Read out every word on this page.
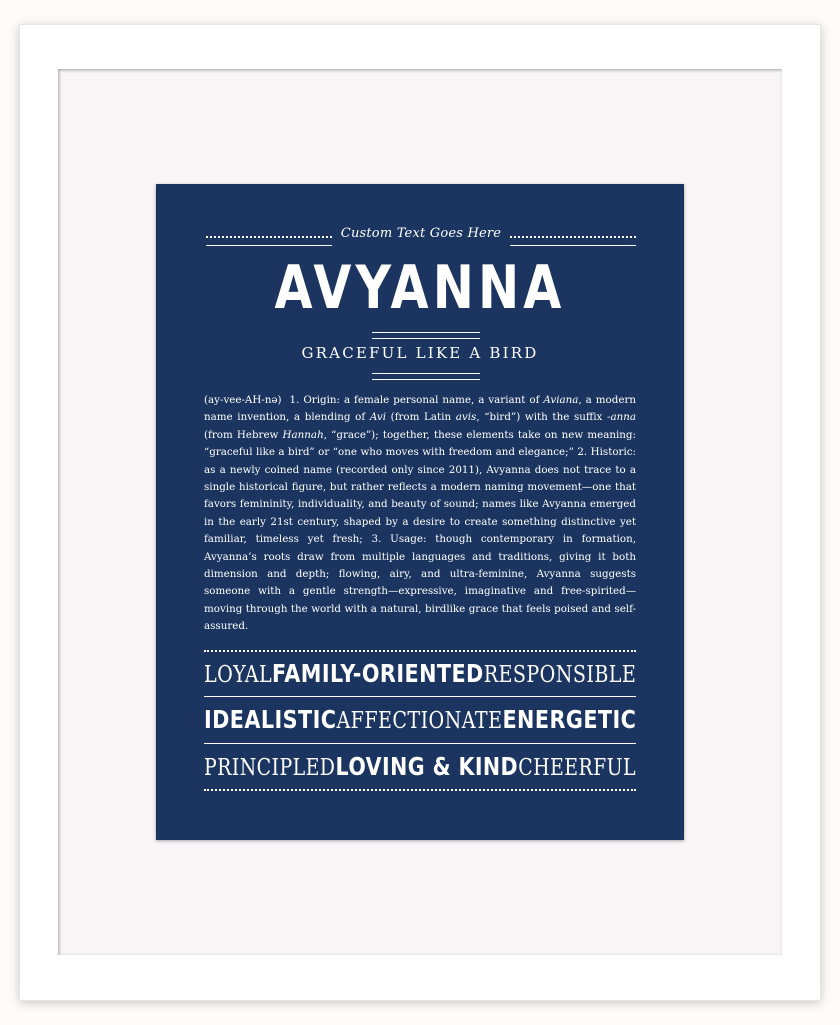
Custom Text Goes Here
AVYANNA
GRACEFUL LIKE A BIRD
(ay-vee-AH-nə) 1. Origin: a female personal name, a variant of Aviana, a modern name invention, a blending of Avi (from Latin avis, “bird”) with the suffix -anna (from Hebrew Hannah, “grace”); together, these elements take on new meaning: “graceful like a bird” or “one who moves with freedom and elegance;” 2. Historic: as a newly coined name (recorded only since 2011), Avyanna does not trace to a single historical figure, but rather reflects a modern naming movement—one that favors femininity, individuality, and beauty of sound; names like Avyanna emerged in the early 21st century, shaped by a desire to create something distinctive yet familiar, timeless yet fresh; 3. Usage: though contemporary in formation, Avyanna’s roots draw from multiple languages and traditions, giving it both dimension and depth; flowing, airy, and ultra-feminine, Avyanna suggests someone with a gentle strength—expressive, imaginative and free-spirited—moving through the world with a natural, birdlike grace that feels poised and self-assured.
LOYAL FAMILY-ORIENTED RESPONSIBLE
IDEALISTIC AFFECTIONATE ENERGETIC
PRINCIPLED LOVING & KIND CHEERFUL
